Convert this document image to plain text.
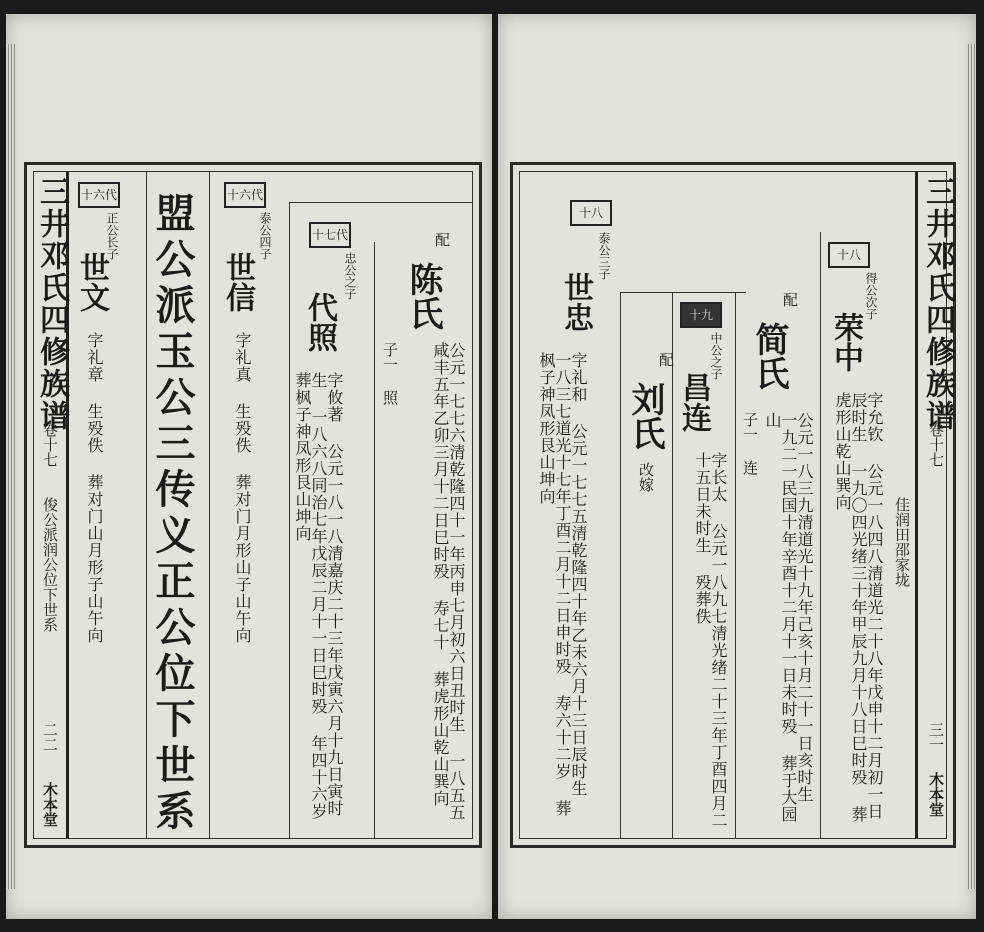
三井邓氏四修族谱
卷十七
俊公派润公位下世系
二二
木本堂
十六代
正公长子
世文
字礼章 生殁佚 葬对门山月形子山午向 盟公派玉公三传义正公位下世系	十六代
泰公四子
世信
字礼真 生殁佚 葬对门月形山子山午向
十七代
忠公之子
代照
字攸著 公元一八一八清嘉庆二十三年戊寅六月十九日寅时生 一八六八同治七年戊辰二月十一日巳时殁 年四十六岁 葬枫子神凤形艮山坤向
配
陈氏
公元一七七六清乾隆四十一年丙申七月初六日丑时生 一八五五咸丰五年乙卯三月十二日巳时殁 寿七十 葬虎形山乾山巽向
子一 照
十八
泰公三子
世忠
字礼和 公元一七七五清乾隆四十年乙未六月十三日辰时生 一八三七道光十七年丁酉二月十二日申时殁 寿六十二岁 葬枫子神凤形艮山坤向	配
刘氏
改嫁
十九
中公之子
昌连
字长太 公元一八九七清光绪二十三年丁酉四月二十五日未时生 殁葬佚
配
简氏
子一 连	公元一八三九清道光十九年己亥十月二十一日亥时生 一九二一民国十年辛酉十二月十一日未时殁 葬于大园山
十八
得公次子
荣中
字允钦 公元一八四八清道光二十八年戊申十二月初一日辰时生 一九〇四光绪三十年甲辰九月十八日巳时殁 葬虎形山乾山巽向
三井邓氏四修族谱
卷十七
佳润田邵家垅
三一
木本堂
